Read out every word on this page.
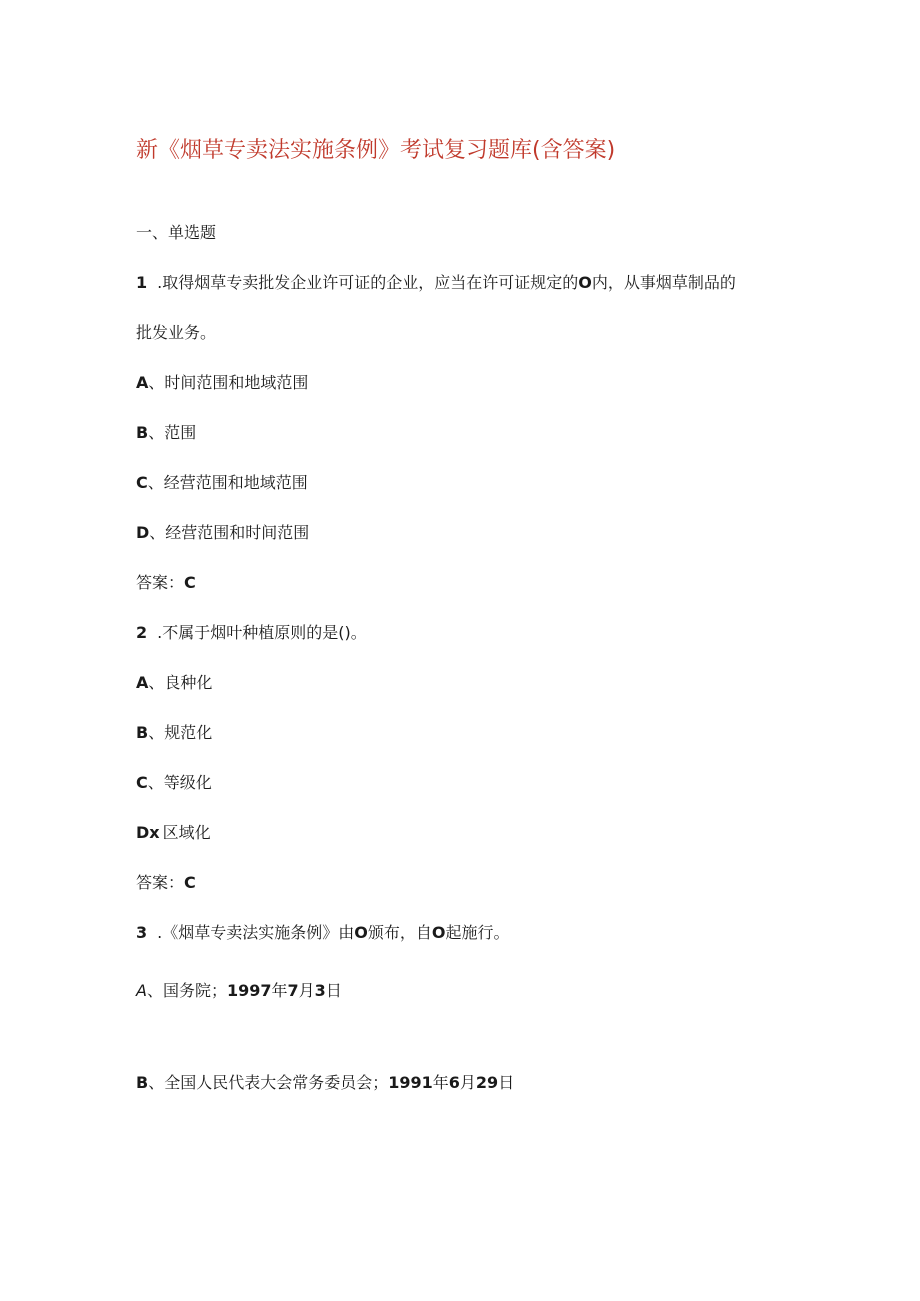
新《烟草专卖法实施条例》考试复习题库(含答案)

一、单选题

1 .取得烟草专卖批发企业许可证的企业，应当在许可证规定的O内，从事烟草制品的

批发业务。

A、时间范围和地域范围

B、范围

C、经营范围和地域范围

D、经营范围和时间范围

答案：C

2 .不属于烟叶种植原则的是()。

A、良种化

B、规范化

C、等级化

Dx 区域化

答案：C

3 .《烟草专卖法实施条例》由O颁布，自O起施行。

A、国务院；1997年7月3日

B、全国人民代表大会常务委员会；1991年6月29日
